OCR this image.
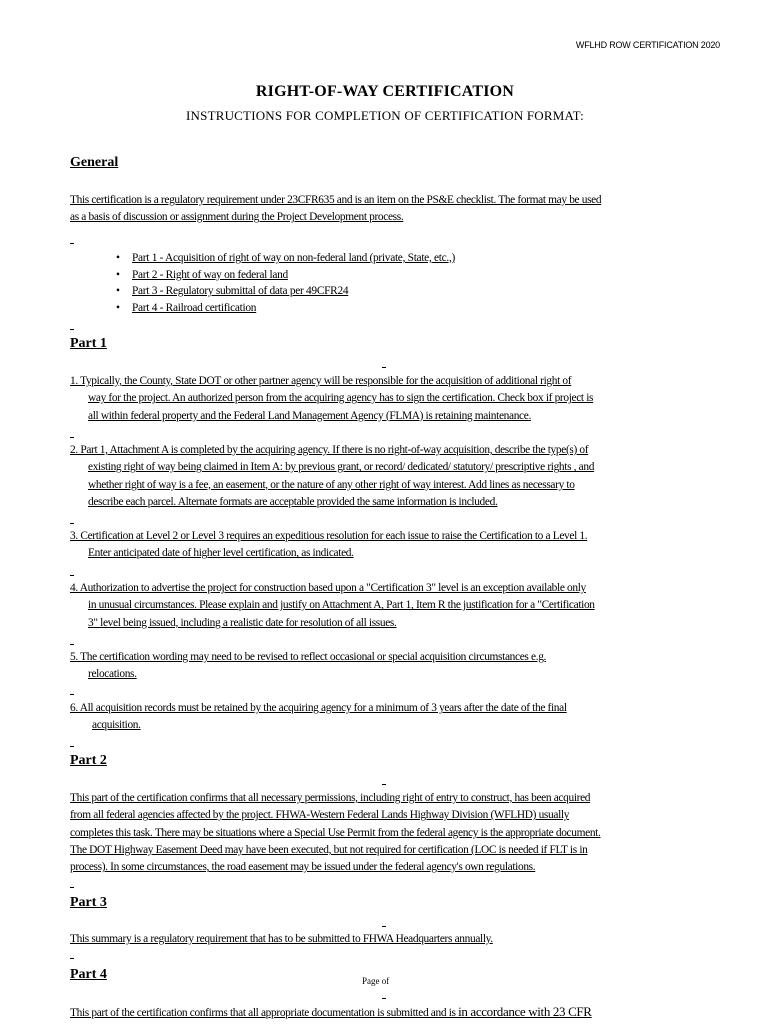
WFLHD ROW CERTIFICATION 2020
RIGHT-OF-WAY CERTIFICATION
INSTRUCTIONS FOR COMPLETION OF CERTIFICATION FORMAT:
General
This certification is a regulatory requirement under 23CFR635 and is an item on the PS&E checklist. The format may be used
as a basis of discussion or assignment during the Project Development process.
• Part 1 - Acquisition of right of way on non-federal land (private, State, etc.,)
• Part 2 - Right of way on federal land
• Part 3 - Regulatory submittal of data per 49CFR24
• Part 4 - Railroad certification
Part 1
1. Typically, the County, State DOT or other partner agency will be responsible for the acquisition of additional right of
way for the project. An authorized person from the acquiring agency has to sign the certification. Check box if project is
all within federal property and the Federal Land Management Agency (FLMA) is retaining maintenance.
2. Part 1, Attachment A is completed by the acquiring agency. If there is no right-of-way acquisition, describe the type(s) of
existing right of way being claimed in Item A: by previous grant, or record/ dedicated/ statutory/ prescriptive rights , and
whether right of way is a fee, an easement, or the nature of any other right of way interest. Add lines as necessary to
describe each parcel. Alternate formats are acceptable provided the same information is included.
3. Certification at Level 2 or Level 3 requires an expeditious resolution for each issue to raise the Certification to a Level 1.
Enter anticipated date of higher level certification, as indicated.
4. Authorization to advertise the project for construction based upon a "Certification 3" level is an exception available only
in unusual circumstances. Please explain and justify on Attachment A, Part 1, Item R the justification for a "Certification
3" level being issued, including a realistic date for resolution of all issues.
5. The certification wording may need to be revised to reflect occasional or special acquisition circumstances e.g.
relocations.
6. All acquisition records must be retained by the acquiring agency for a minimum of 3 years after the date of the final
acquisition.
Part 2
This part of the certification confirms that all necessary permissions, including right of entry to construct, has been acquired
from all federal agencies affected by the project. FHWA-Western Federal Lands Highway Division (WFLHD) usually
completes this task. There may be situations where a Special Use Permit from the federal agency is the appropriate document.
The DOT Highway Easement Deed may have been executed, but not required for certification (LOC is needed if FLT is in
process). In some circumstances, the road easement may be issued under the federal agency's own regulations.
Part 3
This summary is a regulatory requirement that has to be submitted to FHWA Headquarters annually.
Part 4	Page of
This part of the certification confirms that all appropriate documentation is submitted and is in accordance with 23 CFR
